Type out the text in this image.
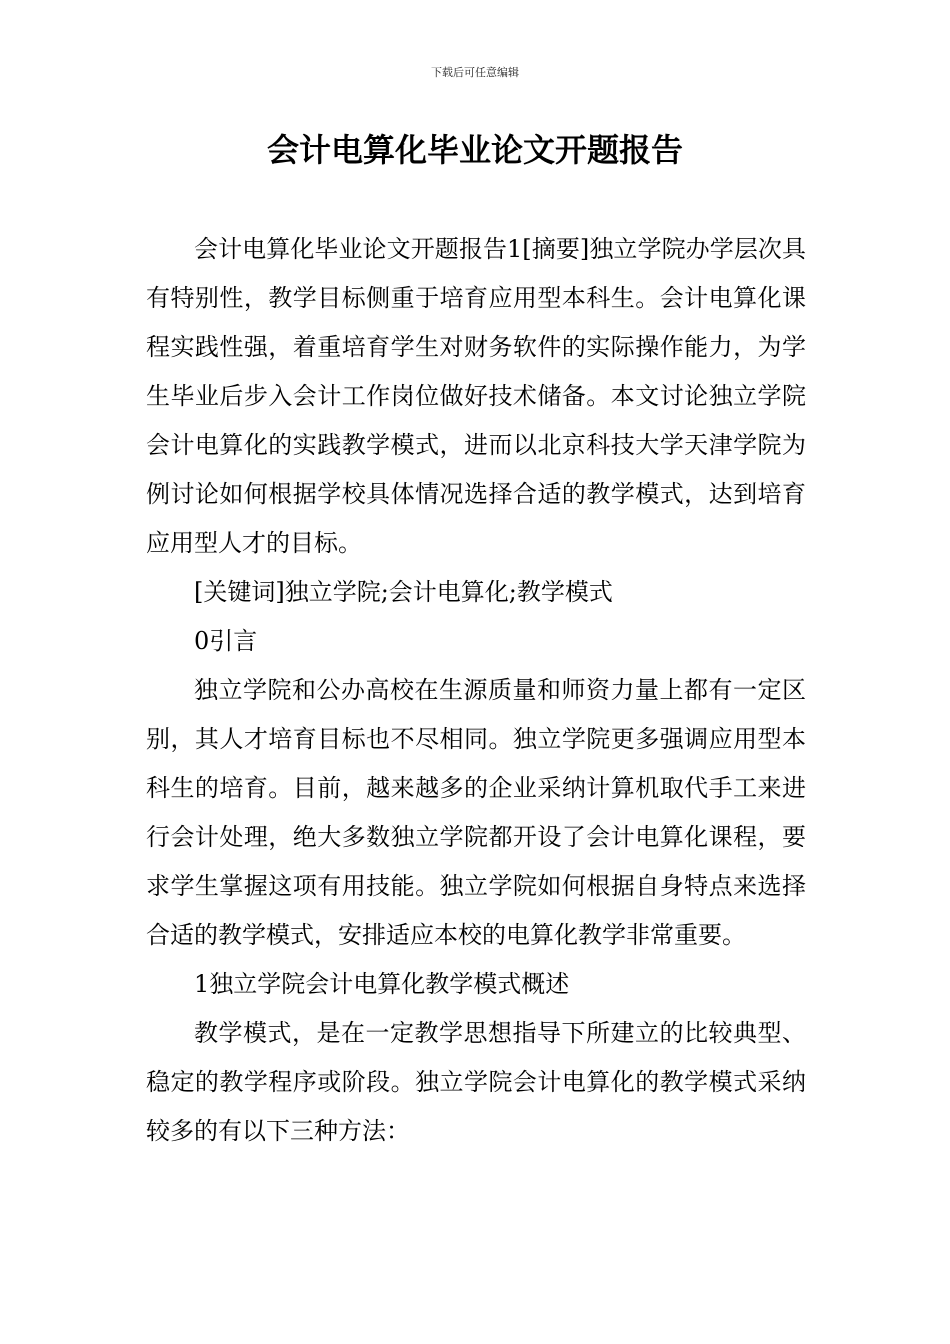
下载后可任意编辑
会计电算化毕业论文开题报告

会计电算化毕业论文开题报告1[摘要]独立学院办学层次具有特别性，教学目标侧重于培育应用型本科生。会计电算化课程实践性强，着重培育学生对财务软件的实际操作能力，为学生毕业后步入会计工作岗位做好技术储备。本文讨论独立学院会计电算化的实践教学模式，进而以北京科技大学天津学院为例讨论如何根据学校具体情况选择合适的教学模式，达到培育应用型人才的目标。

[关键词]独立学院;会计电算化;教学模式

0引言

独立学院和公办高校在生源质量和师资力量上都有一定区别，其人才培育目标也不尽相同。独立学院更多强调应用型本科生的培育。目前，越来越多的企业采纳计算机取代手工来进行会计处理，绝大多数独立学院都开设了会计电算化课程，要求学生掌握这项有用技能。独立学院如何根据自身特点来选择合适的教学模式，安排适应本校的电算化教学非常重要。

1独立学院会计电算化教学模式概述

教学模式，是在一定教学思想指导下所建立的比较典型、稳定的教学程序或阶段。独立学院会计电算化的教学模式采纳较多的有以下三种方法：
